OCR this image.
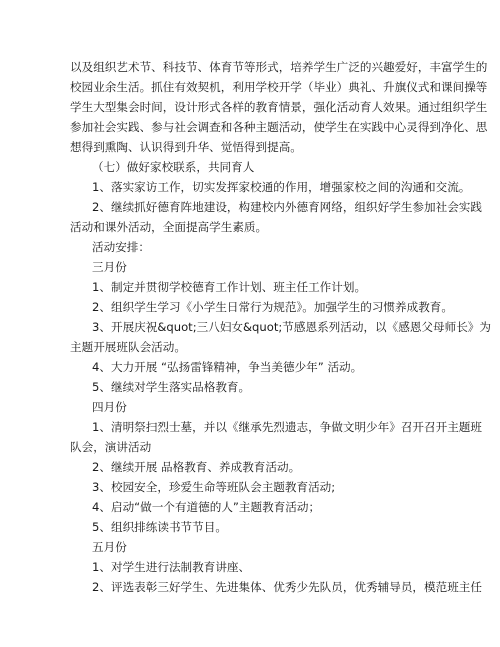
以及组织艺术节、科技节、体育节等形式，培养学生广泛的兴趣爱好，丰富学生的
校园业余生活。抓住有效契机，利用学校开学（毕业）典礼、升旗仪式和课间操等
学生大型集会时间，设计形式各样的教育情景，强化活动育人效果。通过组织学生
参加社会实践、参与社会调查和各种主题活动，使学生在实践中心灵得到净化、思
想得到熏陶、认识得到升华、觉悟得到提高。
（七）做好家校联系，共同育人
1、落实家访工作，切实发挥家校通的作用，增强家校之间的沟通和交流。
2、继续抓好德育阵地建设，构建校内外德育网络，组织好学生参加社会实践
活动和课外活动，全面提高学生素质。
活动安排：
三月份
1、制定并贯彻学校德育工作计划、班主任工作计划。
2、组织学生学习《小学生日常行为规范》。加强学生的习惯养成教育。
3、开展庆祝&quot;三八妇女&quot;节感恩系列活动，以《感恩父母师长》为
主题开展班队会活动。
4、大力开展 “弘扬雷锋精神，争当美德少年” 活动。
5、继续对学生落实品格教育。
四月份
1、清明祭扫烈士墓，并以《继承先烈遗志，争做文明少年》召开召开主题班
队会，演讲活动
2、继续开展 品格教育、养成教育活动。
3、校园安全，珍爱生命等班队会主题教育活动;
4、启动“做一个有道德的人”主题教育活动；
5、组织排练读书节节目。
五月份
1、对学生进行法制教育讲座、
2、评选表彰三好学生、先进集体、优秀少先队员，优秀辅导员，模范班主任
